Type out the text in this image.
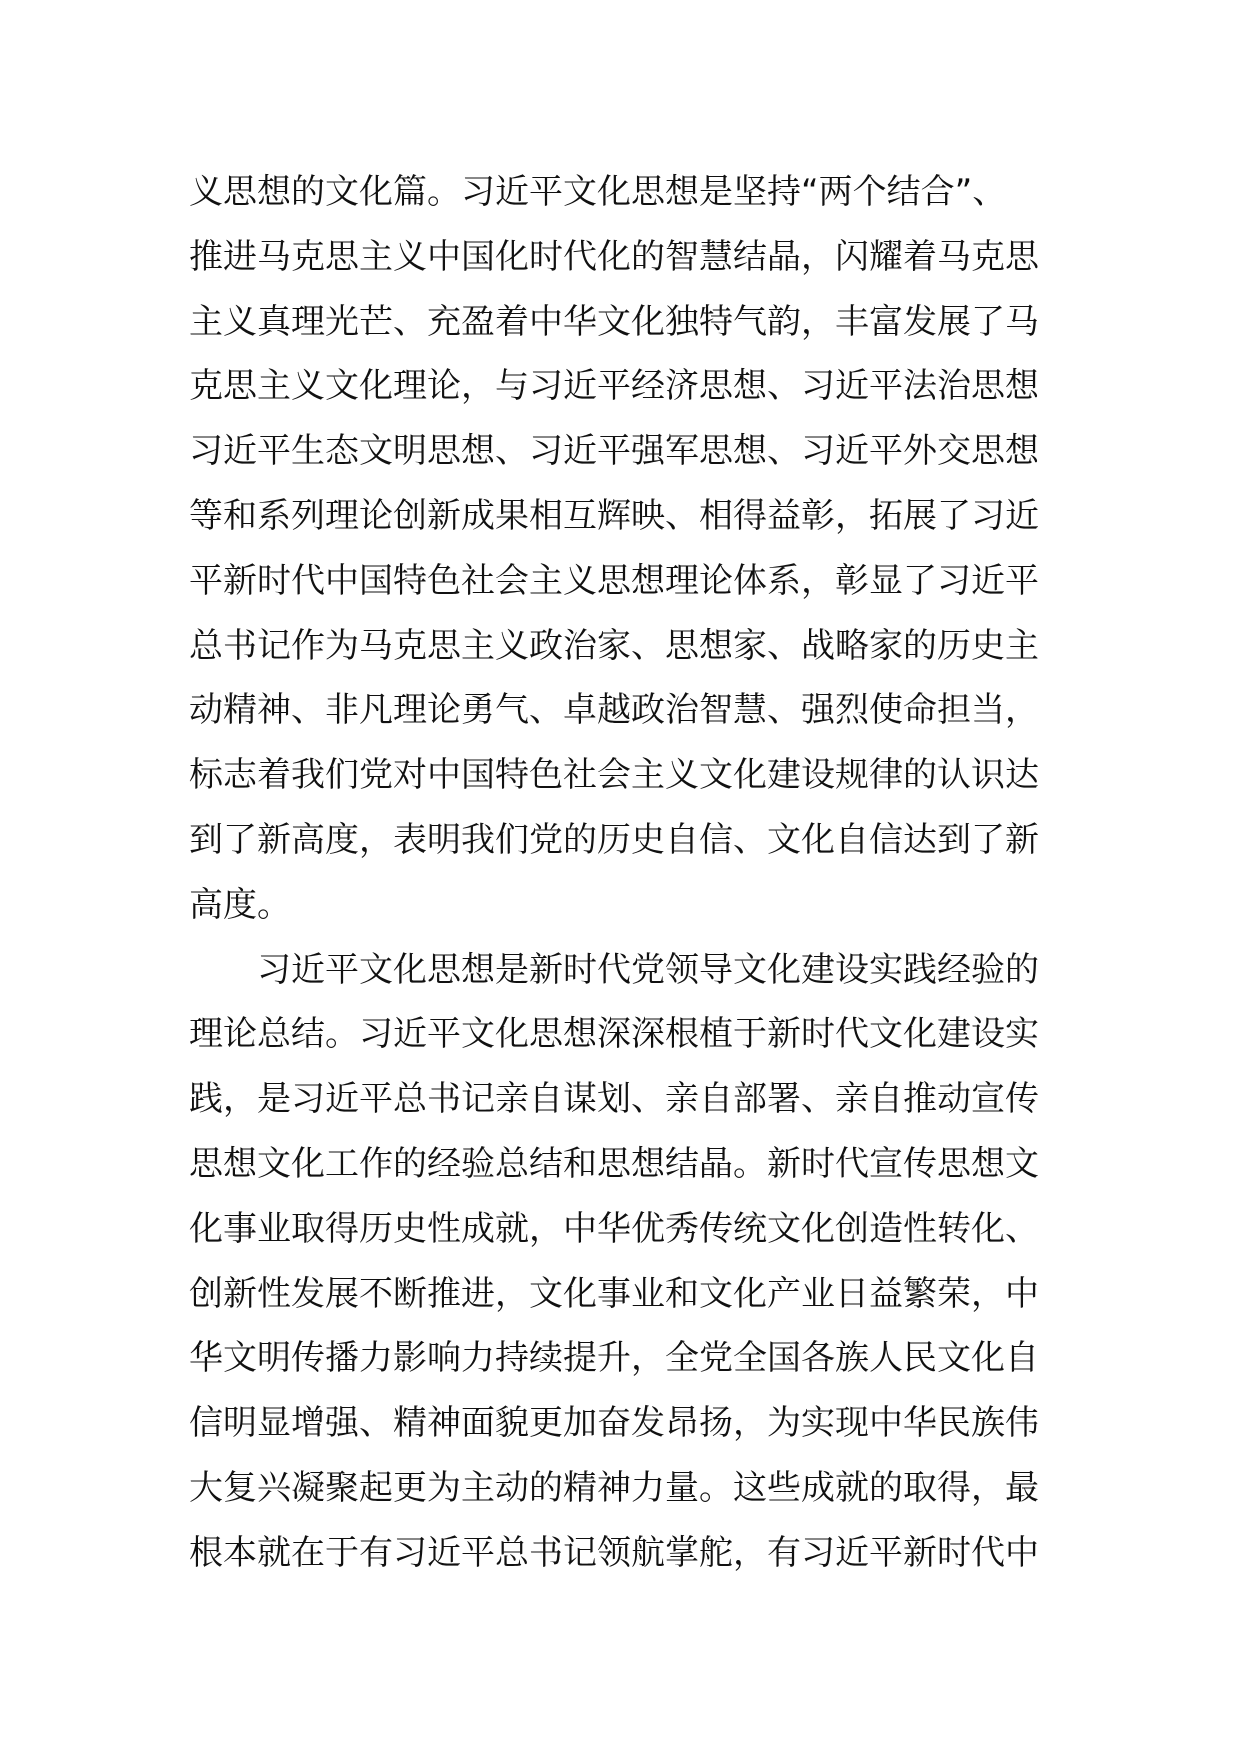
义思想的文化篇。习近平文化思想是坚持“两个结合”、
推进马克思主义中国化时代化的智慧结晶，闪耀着马克思
主义真理光芒、充盈着中华文化独特气韵，丰富发展了马
克思主义文化理论，与习近平经济思想、习近平法治思想
习近平生态文明思想、习近平强军思想、习近平外交思想
等和系列理论创新成果相互辉映、相得益彰，拓展了习近
平新时代中国特色社会主义思想理论体系，彰显了习近平
总书记作为马克思主义政治家、思想家、战略家的历史主
动精神、非凡理论勇气、卓越政治智慧、强烈使命担当，
标志着我们党对中国特色社会主义文化建设规律的认识达
到了新高度，表明我们党的历史自信、文化自信达到了新
高度。
习近平文化思想是新时代党领导文化建设实践经验的
理论总结。习近平文化思想深深根植于新时代文化建设实
践，是习近平总书记亲自谋划、亲自部署、亲自推动宣传
思想文化工作的经验总结和思想结晶。新时代宣传思想文
化事业取得历史性成就，中华优秀传统文化创造性转化、
创新性发展不断推进，文化事业和文化产业日益繁荣，中
华文明传播力影响力持续提升，全党全国各族人民文化自
信明显增强、精神面貌更加奋发昂扬，为实现中华民族伟
大复兴凝聚起更为主动的精神力量。这些成就的取得，最
根本就在于有习近平总书记领航掌舵，有习近平新时代中
